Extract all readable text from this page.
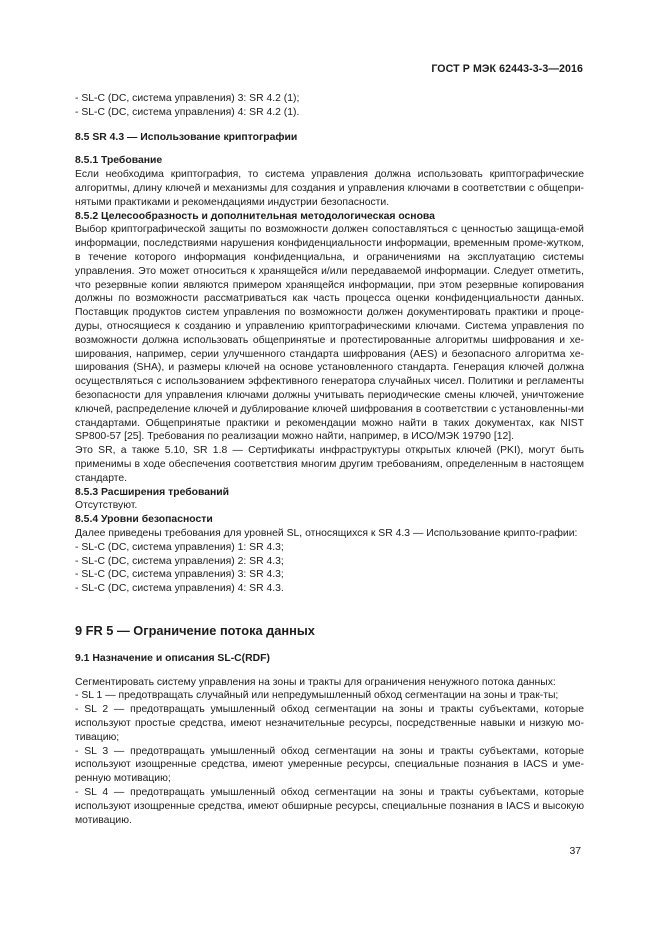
ГОСТ Р МЭК 62443-3-3—2016

- SL-C (DC, система управления) 3: SR 4.2 (1);

- SL-C (DC, система управления) 4: SR 4.2 (1).

8.5 SR 4.3 — Использование криптографии

8.5.1 Требование

Если необходима криптография, то система управления должна использовать криптографические алгоритмы, длину ключей и механизмы для создания и управления ключами в соответствии с общепри-нятыми практиками и рекомендациями индустрии безопасности.

8.5.2 Целесообразность и дополнительная методологическая основа

Выбор криптографической защиты по возможности должен сопоставляться с ценностью защища-емой информации, последствиями нарушения конфиденциальности информации, временным проме-жутком, в течение которого информация конфиденциальна, и ограничениями на эксплуатацию системы управления. Это может относиться к хранящейся и/или передаваемой информации. Следует отметить, что резервные копии являются примером хранящейся информации, при этом резервные копирования должны по возможности рассматриваться как часть процесса оценки конфиденциальности данных. Поставщик продуктов систем управления по возможности должен документировать практики и проце-дуры, относящиеся к созданию и управлению криптографическими ключами. Система управления по возможности должна использовать общепринятые и протестированные алгоритмы шифрования и хе-ширования, например, серии улучшенного стандарта шифрования (AES) и безопасного алгоритма хе-ширования (SHA), и размеры ключей на основе установленного стандарта. Генерация ключей должна осуществляться с использованием эффективного генератора случайных чисел. Политики и регламенты безопасности для управления ключами должны учитывать периодические смены ключей, уничтожение ключей, распределение ключей и дублирование ключей шифрования в соответствии с установленны-ми стандартами. Общепринятые практики и рекомендации можно найти в таких документах, как NIST SP800-57 [25]. Требования по реализации можно найти, например, в ИСО/МЭК 19790 [12].

Это SR, а также 5.10, SR 1.8 — Сертификаты инфраструктуры открытых ключей (PKI), могут быть применимы в ходе обеспечения соответствия многим другим требованиям, определенным в настоящем стандарте.

8.5.3 Расширения требований

Отсутствуют.

8.5.4 Уровни безопасности

Далее приведены требования для уровней SL, относящихся к SR 4.3 — Использование крипто-графии:

- SL-C (DC, система управления) 1: SR 4.3;

- SL-C (DC, система управления) 2: SR 4.3;

- SL-C (DC, система управления) 3: SR 4.3;

- SL-C (DC, система управления) 4: SR 4.3.

9 FR 5 — Ограничение потока данных

9.1 Назначение и описания SL-C(RDF)

Сегментировать систему управления на зоны и тракты для ограничения ненужного потока данных:

- SL 1 — предотвращать случайный или непредумышленный обход сегментации на зоны и трак-ты;

- SL 2 — предотвращать умышленный обход сегментации на зоны и тракты субъектами, которые используют простые средства, имеют незначительные ресурсы, посредственные навыки и низкую мо-тивацию;

- SL 3 — предотвращать умышленный обход сегментации на зоны и тракты субъектами, которые используют изощренные средства, имеют умеренные ресурсы, специальные познания в IACS и уме-ренную мотивацию;

- SL 4 — предотвращать умышленный обход сегментации на зоны и тракты субъектами, которые используют изощренные средства, имеют обширные ресурсы, специальные познания в IACS и высокую мотивацию.

37
